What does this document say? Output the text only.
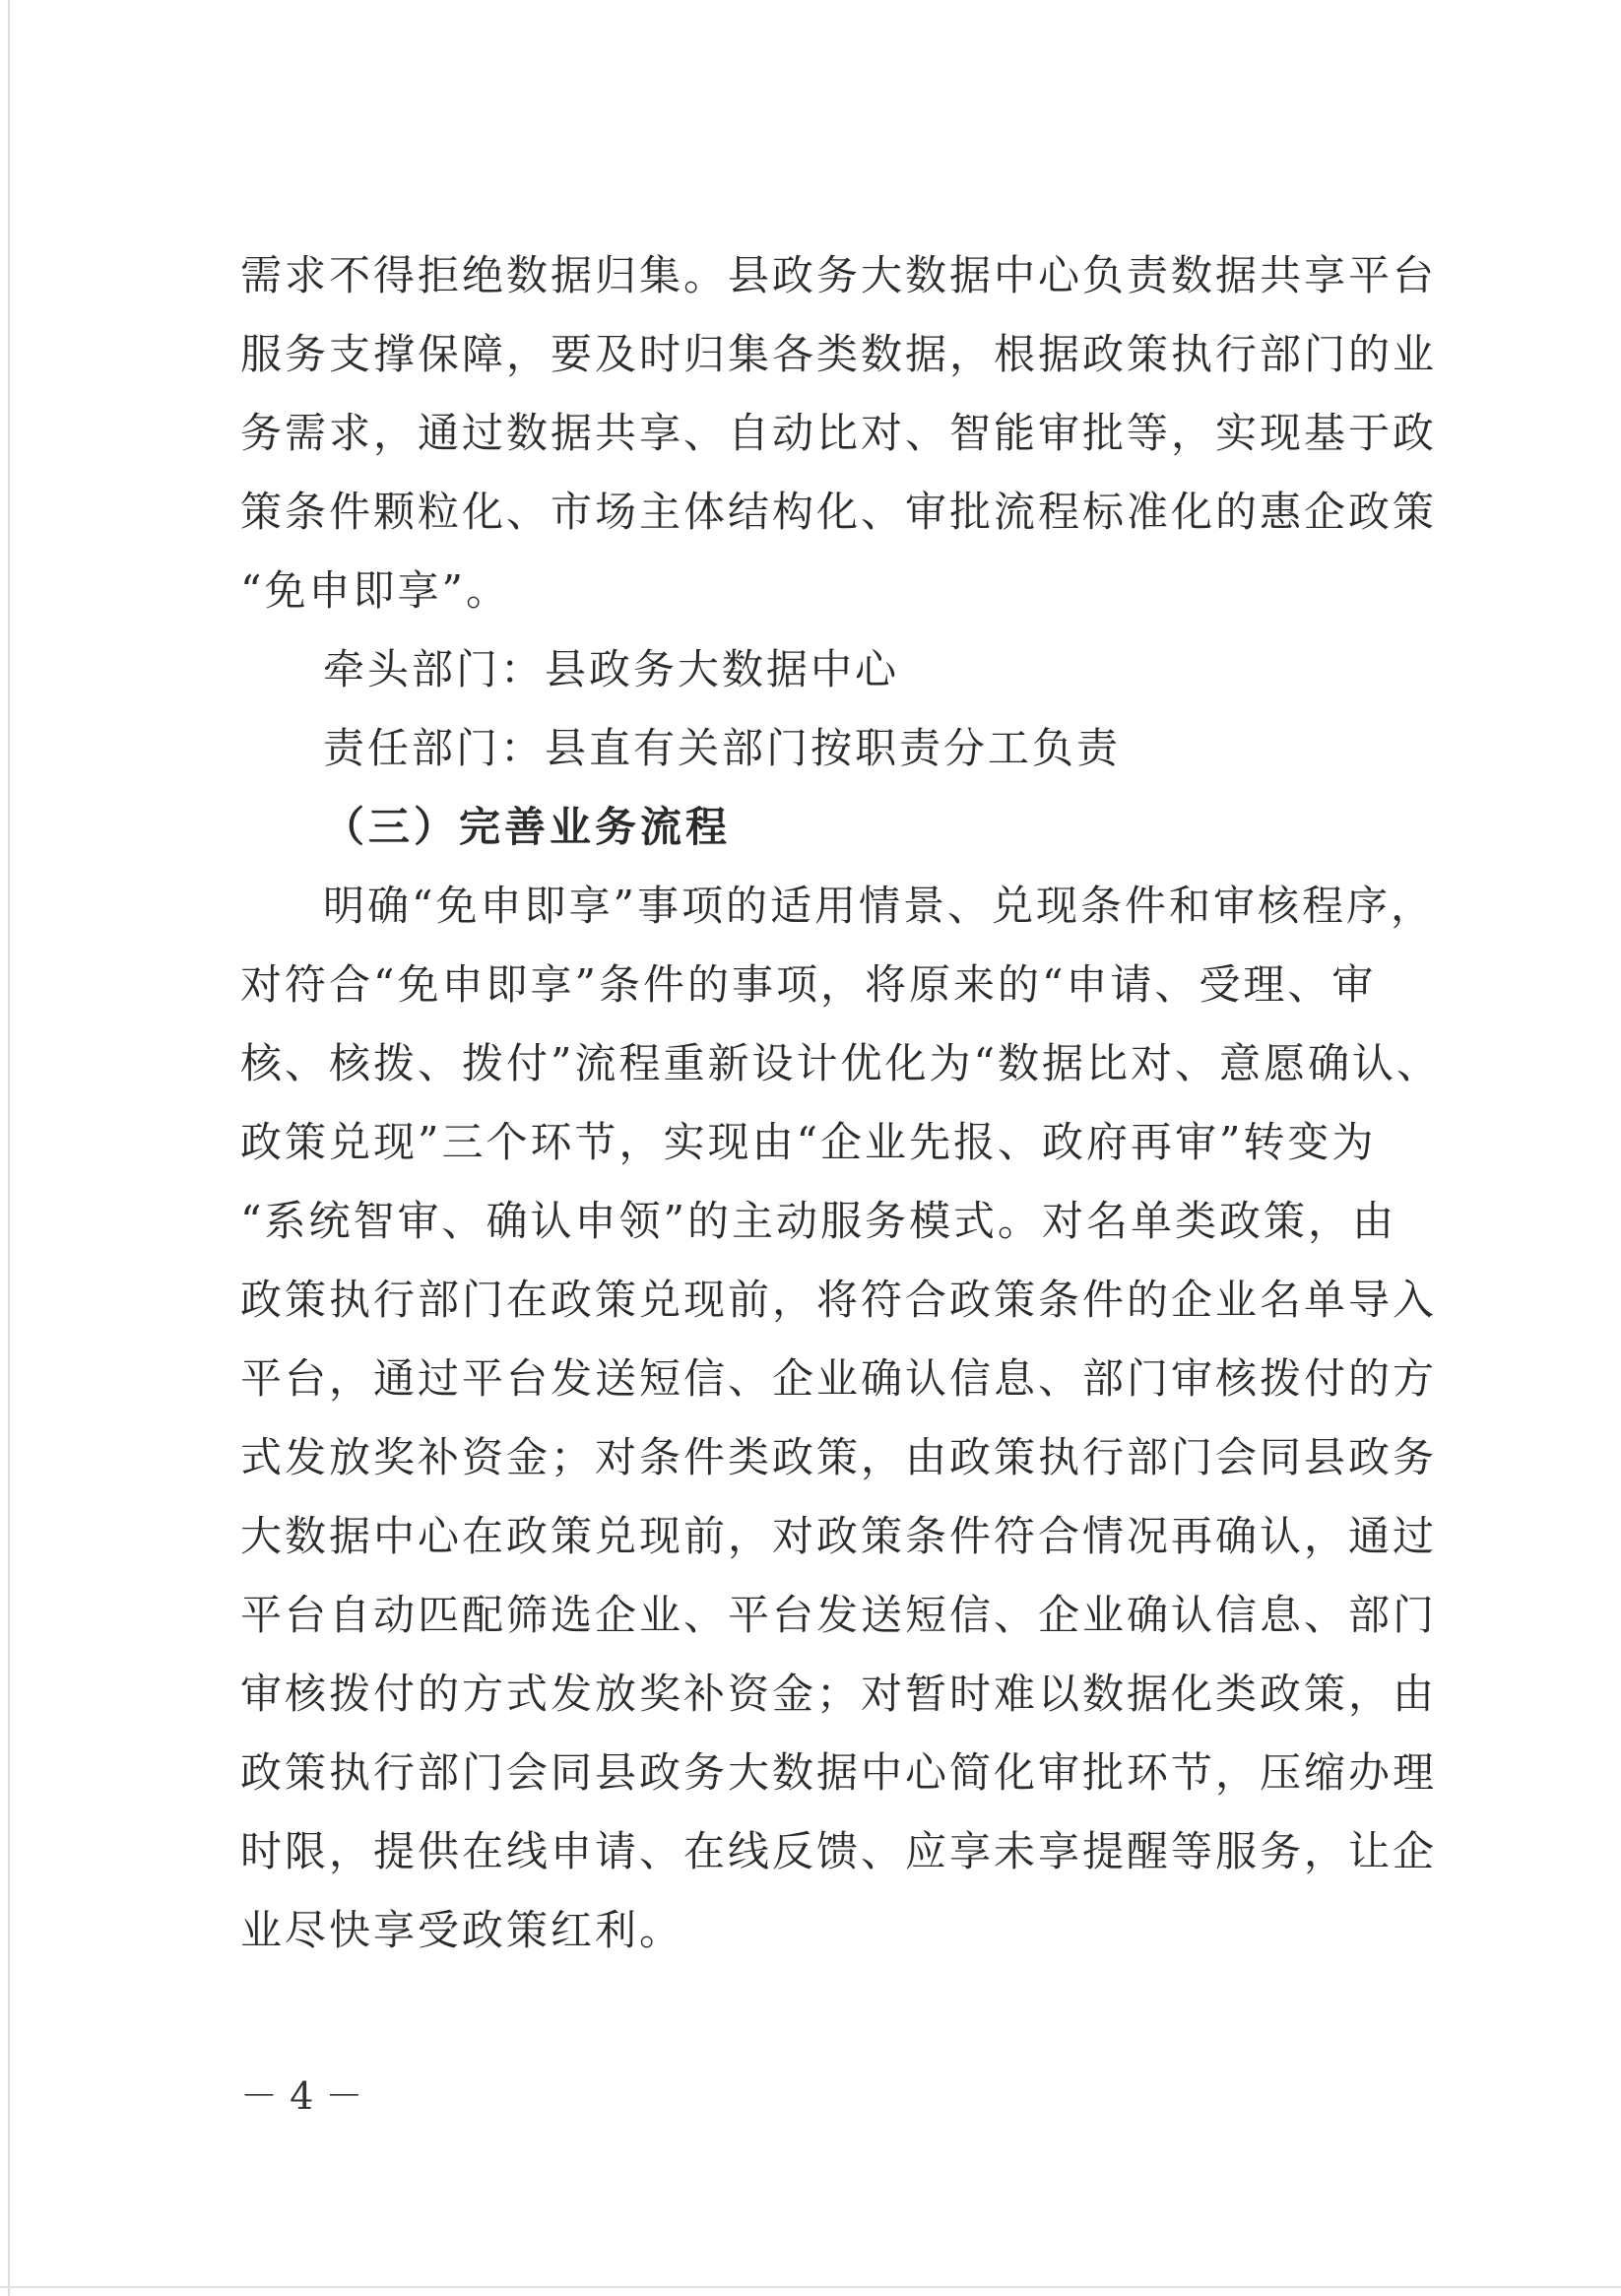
需求不得拒绝数据归集。县政务大数据中心负责数据共享平台
服务支撑保障，要及时归集各类数据，根据政策执行部门的业
务需求，通过数据共享、自动比对、智能审批等，实现基于政
策条件颗粒化、市场主体结构化、审批流程标准化的惠企政策
“免申即享”。
牵头部门：县政务大数据中心
责任部门：县直有关部门按职责分工负责
（三）完善业务流程
明确“免申即享”事项的适用情景、兑现条件和审核程序，
对符合“免申即享”条件的事项，将原来的“申请、受理、审
核、核拨、拨付”流程重新设计优化为“数据比对、意愿确认、
政策兑现”三个环节，实现由“企业先报、政府再审”转变为
“系统智审、确认申领”的主动服务模式。对名单类政策，由
政策执行部门在政策兑现前，将符合政策条件的企业名单导入
平台，通过平台发送短信、企业确认信息、部门审核拨付的方
式发放奖补资金；对条件类政策，由政策执行部门会同县政务
大数据中心在政策兑现前，对政策条件符合情况再确认，通过
平台自动匹配筛选企业、平台发送短信、企业确认信息、部门
审核拨付的方式发放奖补资金；对暂时难以数据化类政策，由
政策执行部门会同县政务大数据中心简化审批环节，压缩办理
时限，提供在线申请、在线反馈、应享未享提醒等服务，让企
业尽快享受政策红利。
－ 4 －
